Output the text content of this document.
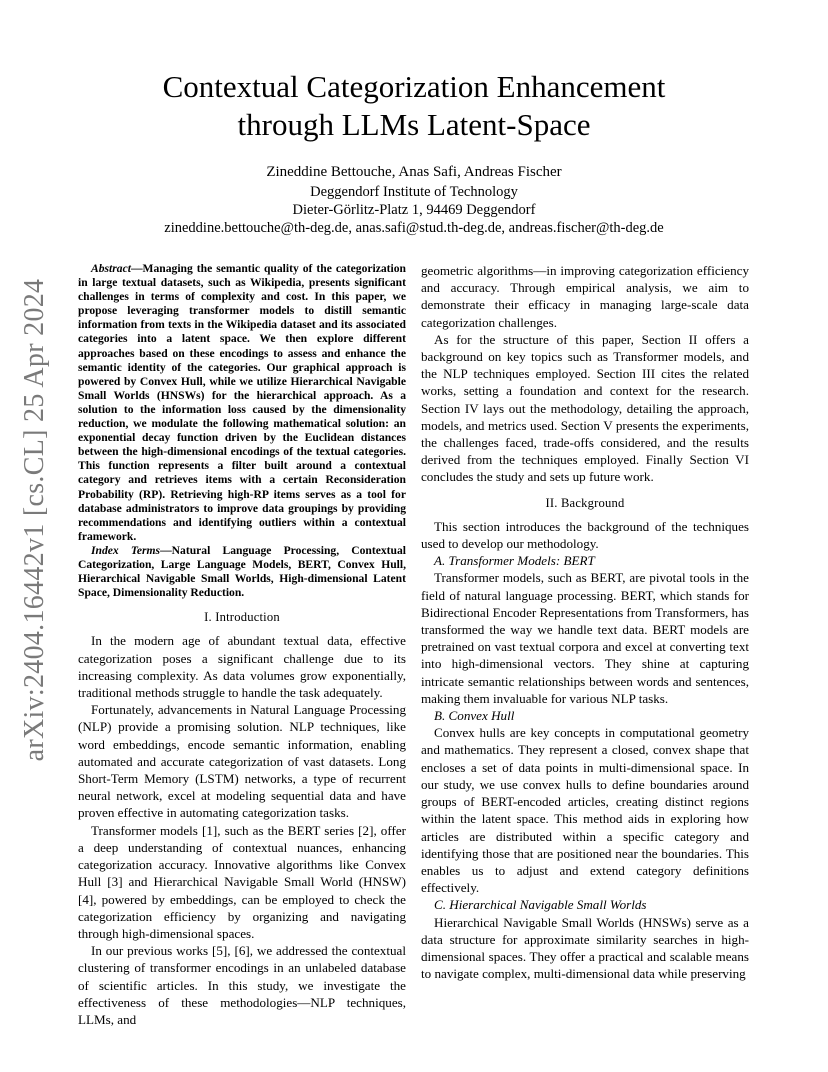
arXiv:2404.16442v1 [cs.CL] 25 Apr 2024
Contextual Categorization Enhancement
through LLMs Latent-Space
Zineddine Bettouche, Anas Safi, Andreas Fischer
Deggendorf Institute of Technology
Dieter-Görlitz-Platz 1, 94469 Deggendorf
zineddine.bettouche@th-deg.de, anas.safi@stud.th-deg.de, andreas.fischer@th-deg.de

Abstract—Managing the semantic quality of the categorization in large textual datasets, such as Wikipedia, presents significant challenges in terms of complexity and cost. In this paper, we propose leveraging transformer models to distill semantic information from texts in the Wikipedia dataset and its associated categories into a latent space. We then explore different approaches based on these encodings to assess and enhance the semantic identity of the categories. Our graphical approach is powered by Convex Hull, while we utilize Hierarchical Navigable Small Worlds (HNSWs) for the hierarchical approach. As a solution to the information loss caused by the dimensionality reduction, we modulate the following mathematical solution: an exponential decay function driven by the Euclidean distances between the high-dimensional encodings of the textual categories. This function represents a filter built around a contextual category and retrieves items with a certain Reconsideration Probability (RP). Retrieving high-RP items serves as a tool for database administrators to improve data groupings by providing recommendations and identifying outliers within a contextual framework.

Index Terms—Natural Language Processing, Contextual Categorization, Large Language Models, BERT, Convex Hull, Hierarchical Navigable Small Worlds, High-dimensional Latent Space, Dimensionality Reduction.

I. Introduction

In the modern age of abundant textual data, effective categorization poses a significant challenge due to its increasing complexity. As data volumes grow exponentially, traditional methods struggle to handle the task adequately.

Fortunately, advancements in Natural Language Processing (NLP) provide a promising solution. NLP techniques, like word embeddings, encode semantic information, enabling automated and accurate categorization of vast datasets. Long Short-Term Memory (LSTM) networks, a type of recurrent neural network, excel at modeling sequential data and have proven effective in automating categorization tasks.

Transformer models [1], such as the BERT series [2], offer a deep understanding of contextual nuances, enhancing categorization accuracy. Innovative algorithms like Convex Hull [3] and Hierarchical Navigable Small World (HNSW) [4], powered by embeddings, can be employed to check the categorization efficiency by organizing and navigating through high-dimensional spaces.

In our previous works [5], [6], we addressed the contextual clustering of transformer encodings in an unlabeled database of scientific articles. In this study, we investigate the effectiveness of these methodologies—NLP techniques, LLMs, and

geometric algorithms—in improving categorization efficiency and accuracy. Through empirical analysis, we aim to demonstrate their efficacy in managing large-scale data categorization challenges.

As for the structure of this paper, Section II offers a background on key topics such as Transformer models, and the NLP techniques employed. Section III cites the related works, setting a foundation and context for the research. Section IV lays out the methodology, detailing the approach, models, and metrics used. Section V presents the experiments, the challenges faced, trade-offs considered, and the results derived from the techniques employed. Finally Section VI concludes the study and sets up future work.

II. Background

This section introduces the background of the techniques used to develop our methodology.

A. Transformer Models: BERT

Transformer models, such as BERT, are pivotal tools in the field of natural language processing. BERT, which stands for Bidirectional Encoder Representations from Transformers, has transformed the way we handle text data. BERT models are pretrained on vast textual corpora and excel at converting text into high-dimensional vectors. They shine at capturing intricate semantic relationships between words and sentences, making them invaluable for various NLP tasks.

B. Convex Hull

Convex hulls are key concepts in computational geometry and mathematics. They represent a closed, convex shape that encloses a set of data points in multi-dimensional space. In our study, we use convex hulls to define boundaries around groups of BERT-encoded articles, creating distinct regions within the latent space. This method aids in exploring how articles are distributed within a specific category and identifying those that are positioned near the boundaries. This enables us to adjust and extend category definitions effectively.

C. Hierarchical Navigable Small Worlds

Hierarchical Navigable Small Worlds (HNSWs) serve as a data structure for approximate similarity searches in high-dimensional spaces. They offer a practical and scalable means to navigate complex, multi-dimensional data while preserving
